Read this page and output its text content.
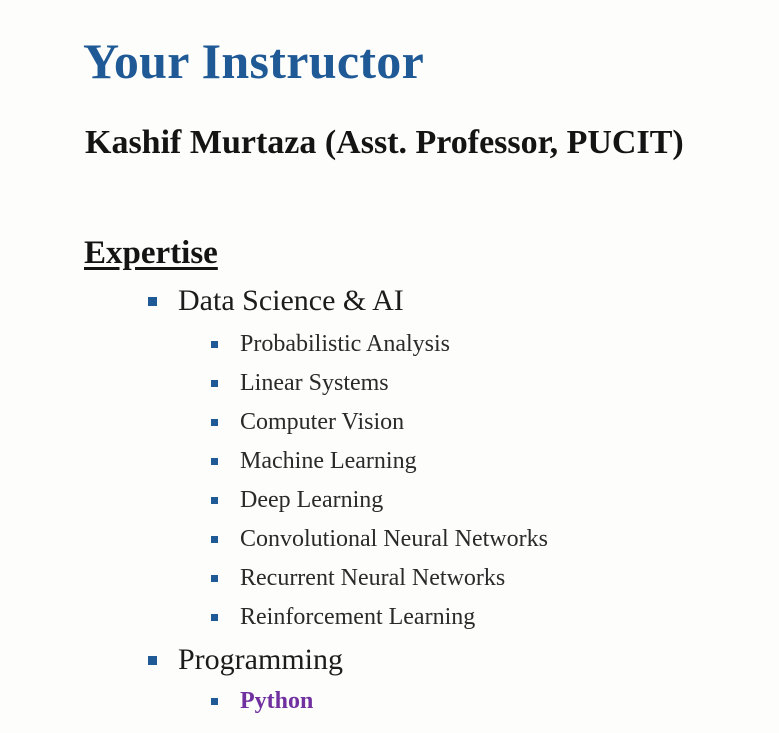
Your Instructor
Kashif Murtaza (Asst. Professor, PUCIT)
Expertise
Data Science & AI
Probabilistic Analysis
Linear Systems
Computer Vision
Machine Learning
Deep Learning
Convolutional Neural Networks
Recurrent Neural Networks
Reinforcement Learning
Programming
Python
